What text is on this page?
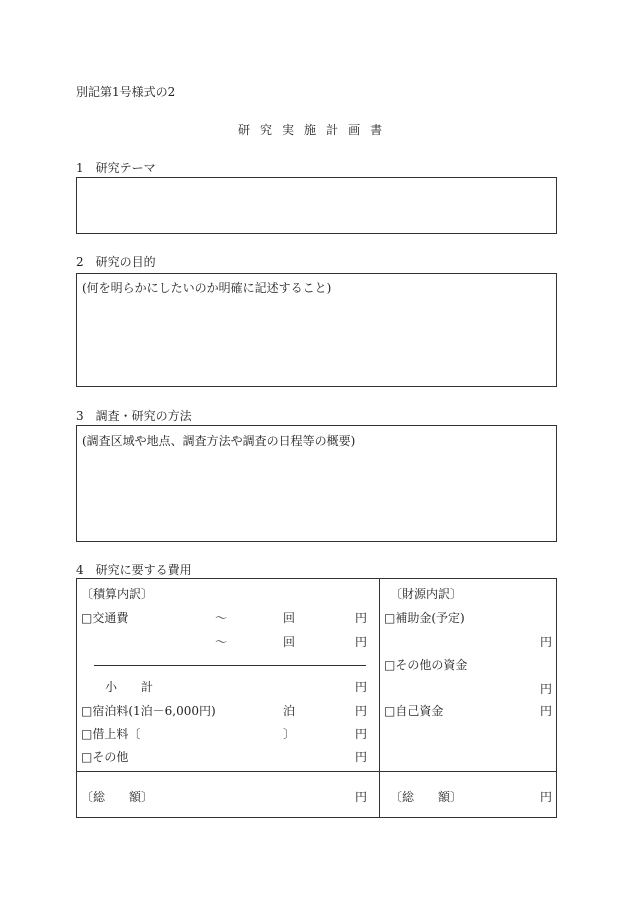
別記第1号様式の2
研 究 実 施 計 画 書
1 研究テーマ
2 研究の目的
(何を明らかにしたいのか明確に記述すること)
3 調査・研究の方法
(調査区域や地点、調査方法や調査の日程等の概要)
4 研究に要する費用
〔積算内訳〕
□交通費	～	回	円
～	回	円
小　　計	円
□宿泊料(1泊－6,000円)	泊	円
□借上料〔	〕	円
□その他	円
〔総　　額〕	円
〔財源内訳〕
□補助金(予定)
円
□その他の資金
円
□自己資金	円
〔総　　額〕	円
